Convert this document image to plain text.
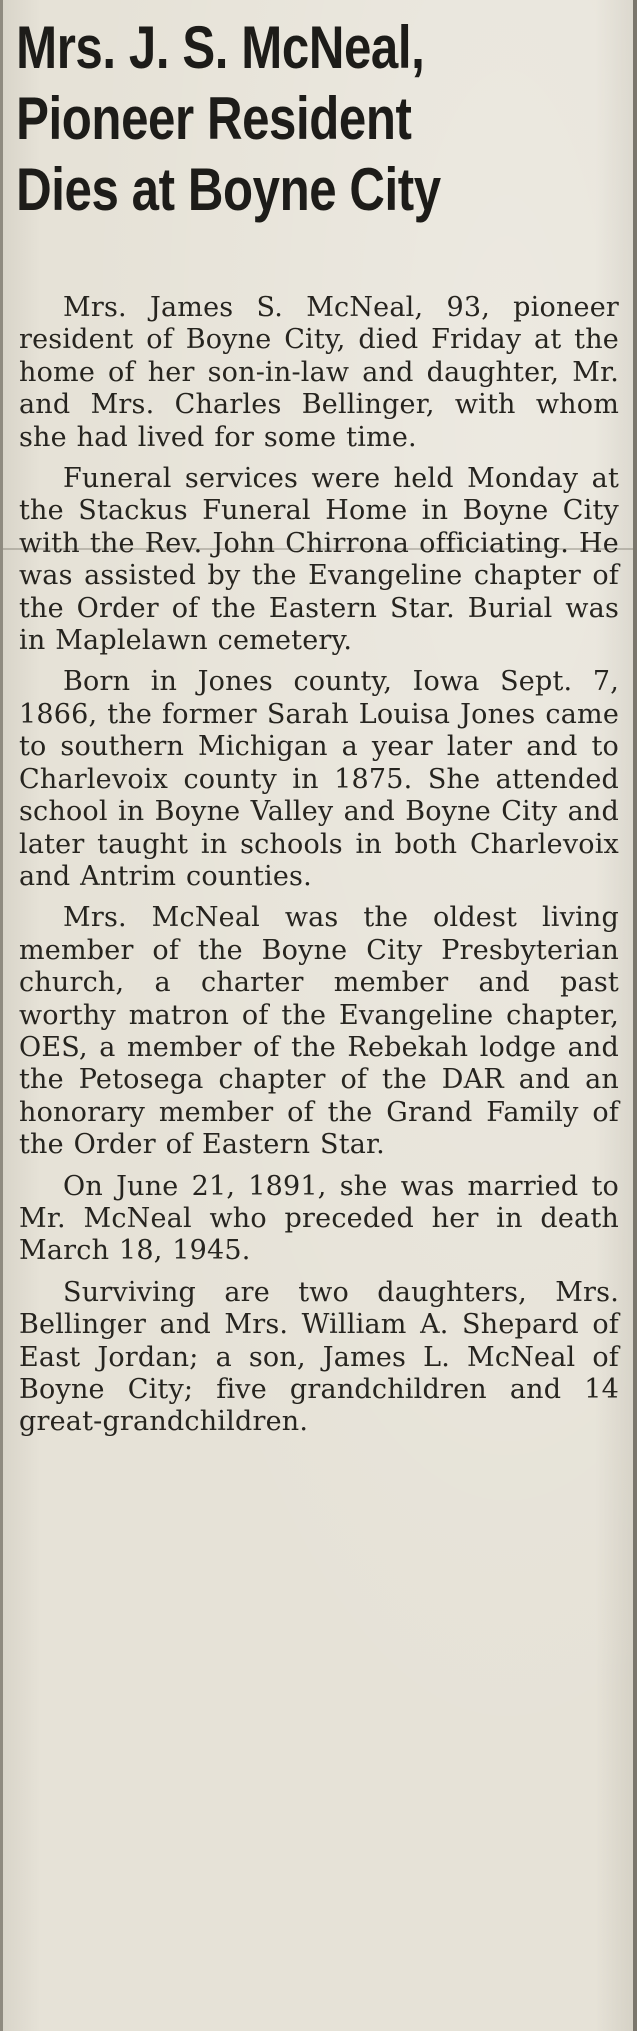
Mrs. J. S. McNeal,
Pioneer Resident
Dies at Boyne City

Mrs. James S. McNeal, 93, pioneer resident of Boyne City, died Friday at the home of her son-in-law and daughter, Mr. and Mrs. Charles Bellinger, with whom she had lived for some time.

Funeral services were held Monday at the Stackus Funeral Home in Boyne City with the Rev. John Chirrona officiating. He was assisted by the Evangeline chapter of the Order of the Eastern Star. Burial was in Maplelawn cemetery.

Born in Jones county, Iowa Sept. 7, 1866, the former Sarah Louisa Jones came to southern Michigan a year later and to Charlevoix county in 1875. She attended school in Boyne Valley and Boyne City and later taught in schools in both Charlevoix and Antrim counties.

Mrs. McNeal was the oldest living member of the Boyne City Presbyterian church, a charter member and past worthy matron of the Evangeline chapter, OES, a member of the Rebekah lodge and the Petosega chapter of the DAR and an honorary member of the Grand Family of the Order of Eastern Star.

On June 21, 1891, she was married to Mr. McNeal who preceded her in death March 18, 1945.

Surviving are two daughters, Mrs. Bellinger and Mrs. William A. Shepard of East Jordan; a son, James L. McNeal of Boyne City; five grandchildren and 14 great-grandchildren.
